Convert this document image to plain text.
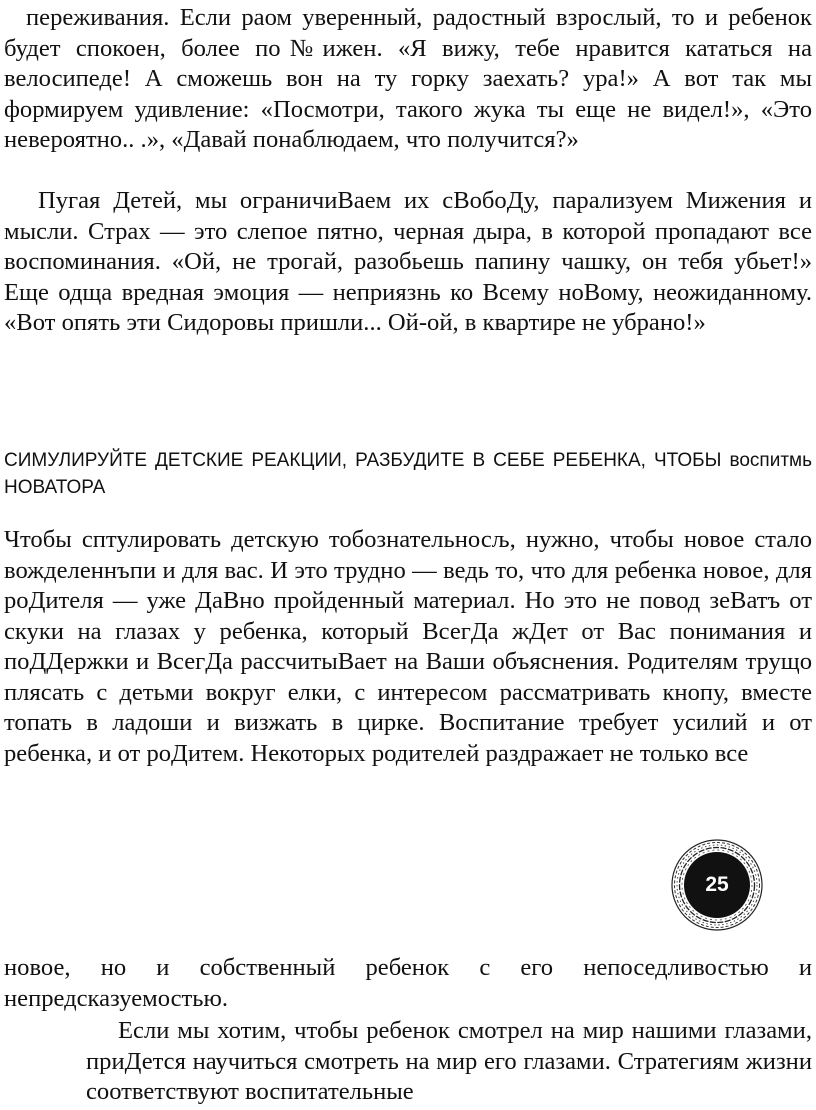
переживания. Если раом уверенный, радостный взрослый, то и ребенок будет спокоен, более по№ижен. «Я вижу, тебе нравится кататься на велосипеде! А сможешь вон на ту горку заехать? ура!» А вот так мы формируем удивление: «Посмотри, такого жука ты еще не видел!», «Это невероятно.. .», «Давай понаблюдаем, что получится?»

Пугая Детей, мы ограничиВаем их сВобоДу, парализуем Мижения и мысли. Страх — это слепое пятно, черная дыра, в которой пропадают все воспоминания. «Ой, не трогай, разобьешь папину чашку, он тебя убьет!» Еще одща вредная эмоция — неприязнь ко Всему ноВому, неожиданному. «Вот опять эти Сидоровы пришли... Ой-ой, в квартире не убрано!»

СИМУЛИРУЙТЕ ДЕТСКИЕ РЕАКЦИИ, РАЗБУДИТЕ В СЕБЕ РЕБЕНКА, ЧТОБЫ воспитмь НОВАТОРА

Чтобы сптулировать детскую тобознательносљ, нужно, чтобы новое стало вожделеннъпи и для вас. И это трудно — ведь то, что для ребенка новое, для роДителя — уже ДаВно пройденный материал. Но это не повод зеВатъ от скуки на глазах у ребенка, который ВсегДа жДет от Вас понимания и поДДержки и ВсегДа рассчитыВает на Ваши объяснения. Родителям трущо плясать с детьми вокруг елки, с интересом рассматривать кнопу, вместе топать в ладоши и визжать в цирке. Воспитание требует усилий и от ребенка, и от роДитем. Некоторых родителей раздражает не только все

25

новое, но и собственный ребенок с его непоседливостью и непредсказуемостью.

Если мы хотим, чтобы ребенок смотрел на мир нашими глазами, приДется научиться смотреть на мир его глазами. Стратегиям жизни соответствуют воспитательные
